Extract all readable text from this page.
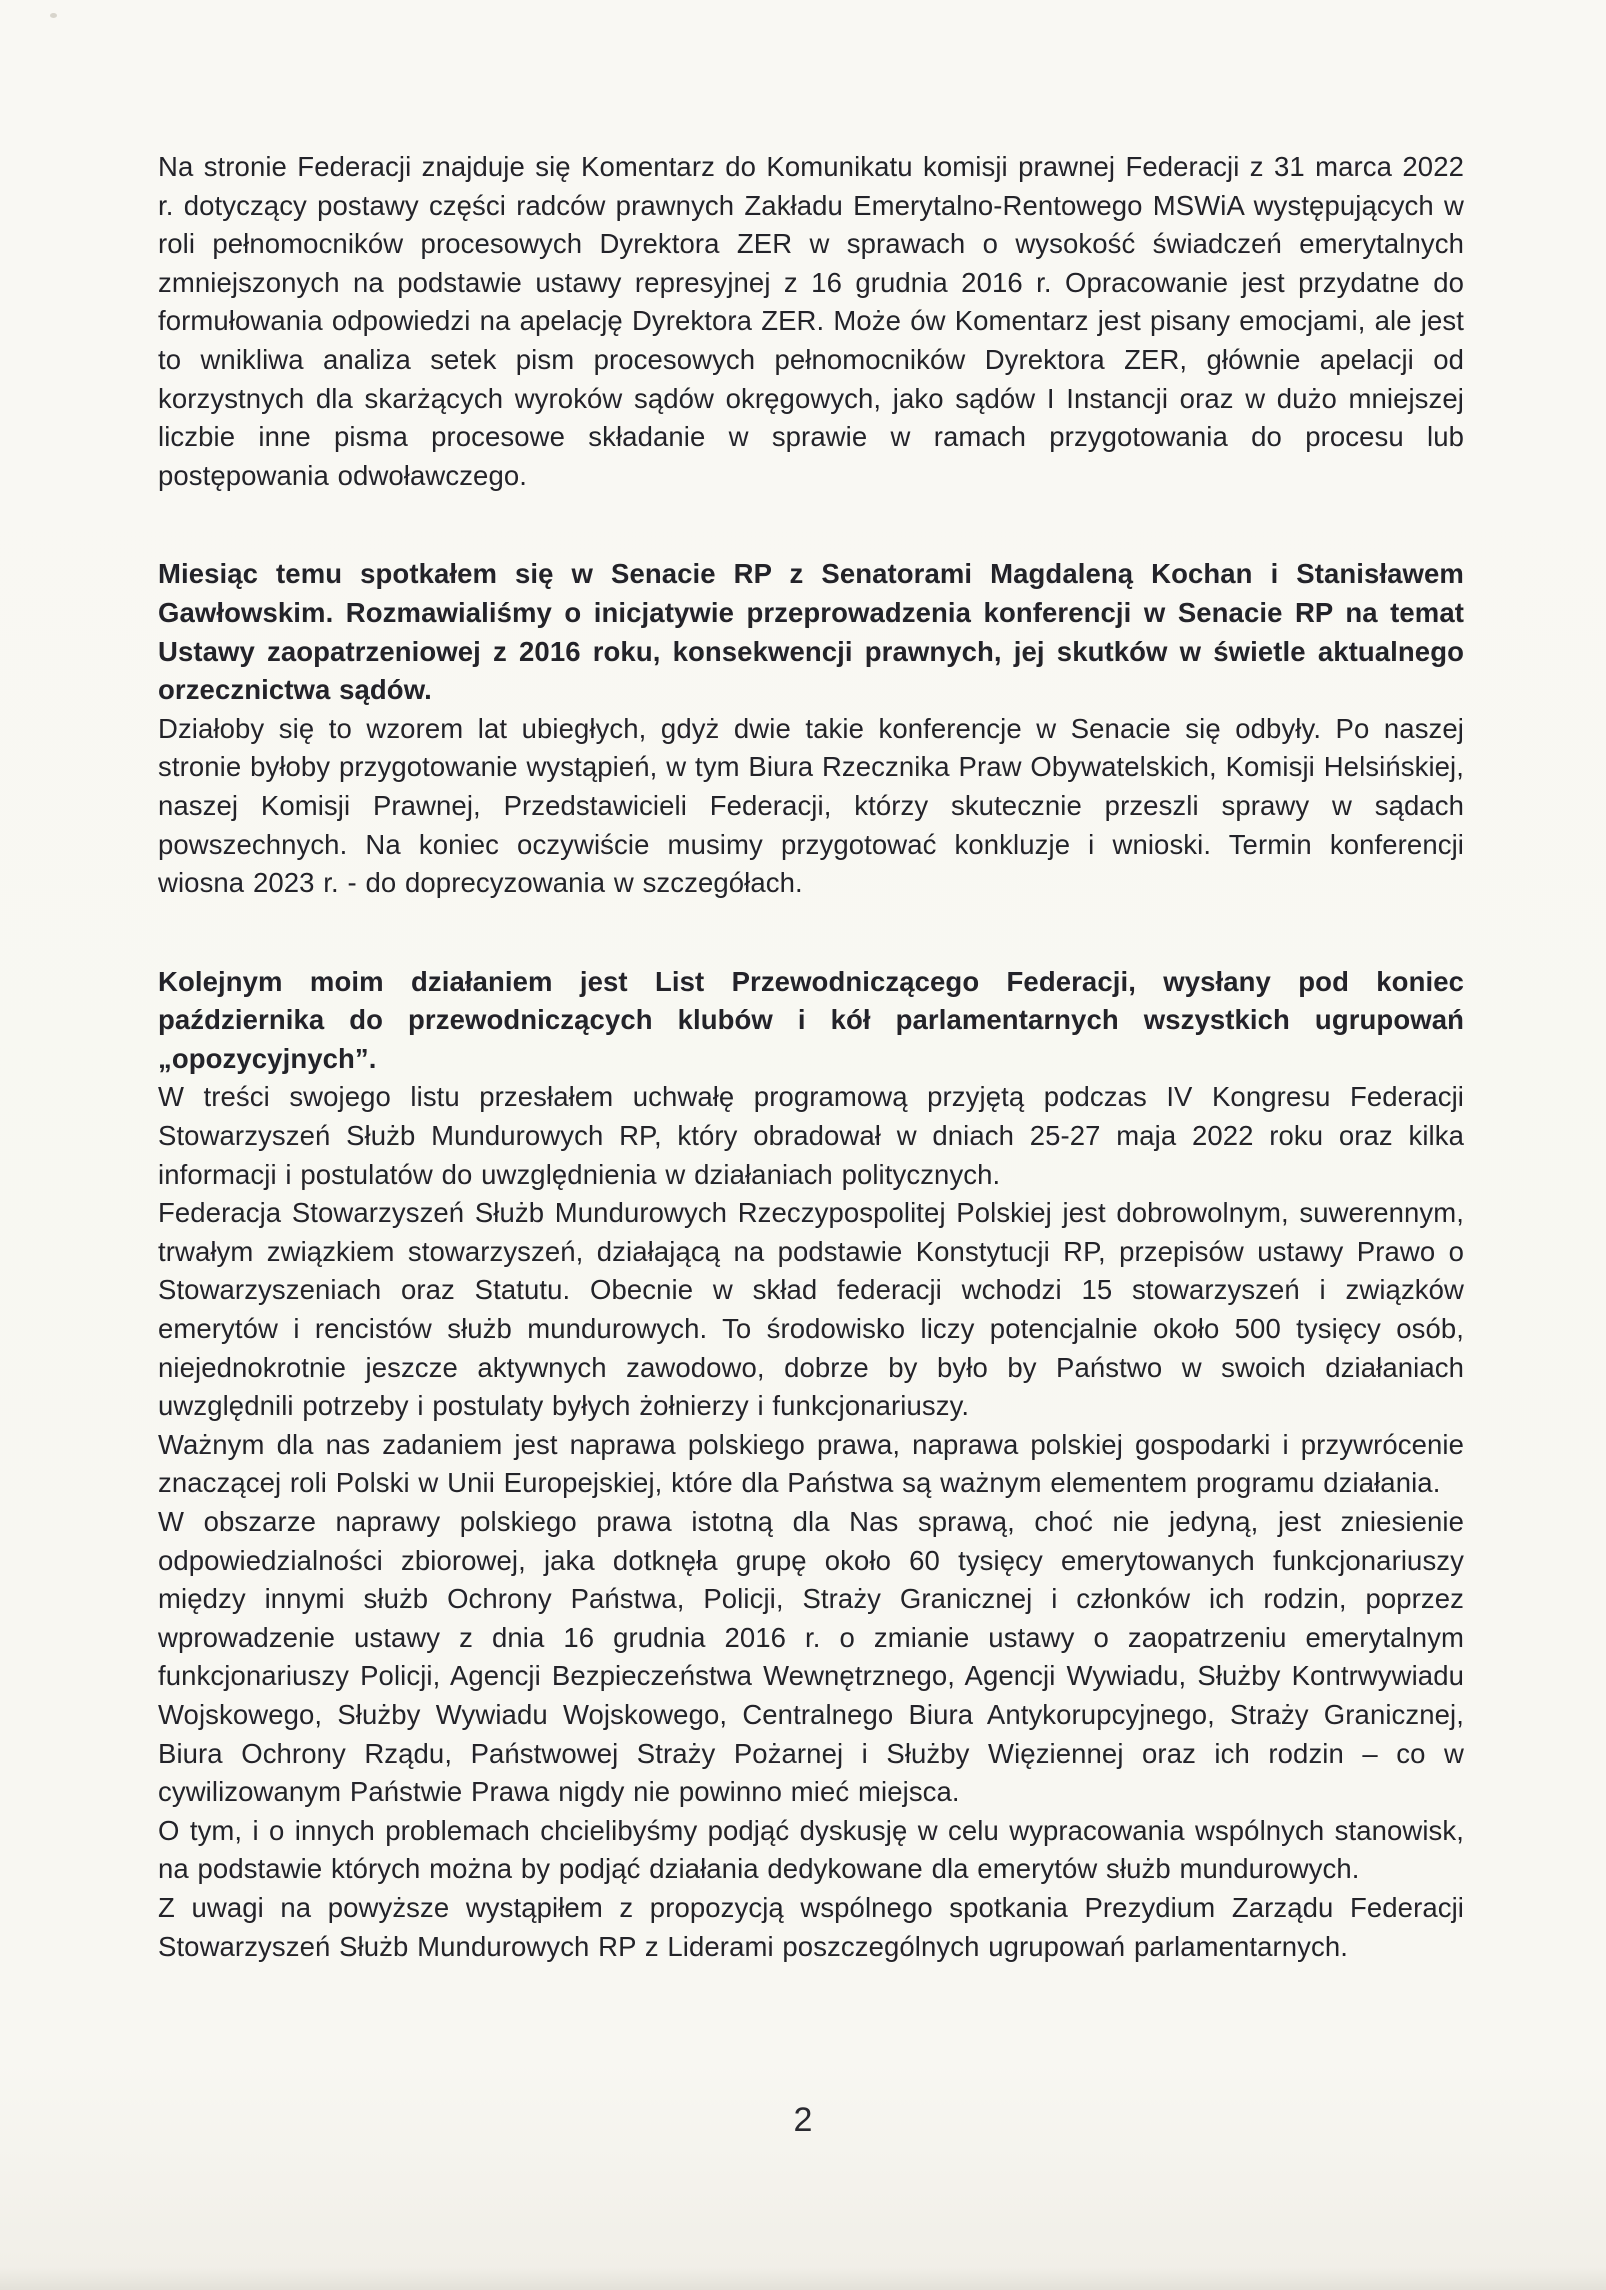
Na stronie Federacji znajduje się Komentarz do Komunikatu komisji prawnej Federacji z 31 marca 2022 r. dotyczący postawy części radców prawnych Zakładu Emerytalno-Rentowego MSWiA występujących w roli pełnomocników procesowych Dyrektora ZER w sprawach o wysokość świadczeń emerytalnych zmniejszonych na podstawie ustawy represyjnej z 16 grudnia 2016 r. Opracowanie jest przydatne do formułowania odpowiedzi na apelację Dyrektora ZER. Może ów Komentarz jest pisany emocjami, ale jest to wnikliwa analiza setek pism procesowych pełnomocników Dyrektora ZER, głównie apelacji od korzystnych dla skarżących wyroków sądów okręgowych, jako sądów I Instancji oraz w dużo mniejszej liczbie inne pisma procesowe składanie w sprawie w ramach przygotowania do procesu lub postępowania odwoławczego.

Miesiąc temu spotkałem się w Senacie RP z Senatorami Magdaleną Kochan i Stanisławem Gawłowskim. Rozmawialiśmy o inicjatywie przeprowadzenia konferencji w Senacie RP na temat Ustawy zaopatrzeniowej z 2016 roku, konsekwencji prawnych, jej skutków w świetle aktualnego orzecznictwa sądów.

Działoby się to wzorem lat ubiegłych, gdyż dwie takie konferencje w Senacie się odbyły. Po naszej stronie byłoby przygotowanie wystąpień, w tym Biura Rzecznika Praw Obywatelskich, Komisji Helsińskiej, naszej Komisji Prawnej, Przedstawicieli Federacji, którzy skutecznie przeszli sprawy w sądach powszechnych. Na koniec oczywiście musimy przygotować konkluzje i wnioski. Termin konferencji wiosna 2023 r. - do doprecyzowania w szczegółach.

Kolejnym moim działaniem jest List Przewodniczącego Federacji, wysłany pod koniec października do przewodniczących klubów i kół parlamentarnych wszystkich ugrupowań „opozycyjnych”.

W treści swojego listu przesłałem uchwałę programową przyjętą podczas IV Kongresu Federacji Stowarzyszeń Służb Mundurowych RP, który obradował w dniach 25-27 maja 2022 roku oraz kilka informacji i postulatów do uwzględnienia w działaniach politycznych.

Federacja Stowarzyszeń Służb Mundurowych Rzeczypospolitej Polskiej jest dobrowolnym, suwerennym, trwałym związkiem stowarzyszeń, działającą na podstawie Konstytucji RP, przepisów ustawy Prawo o Stowarzyszeniach oraz Statutu. Obecnie w skład federacji wchodzi 15 stowarzyszeń i związków emerytów i rencistów służb mundurowych. To środowisko liczy potencjalnie około 500 tysięcy osób, niejednokrotnie jeszcze aktywnych zawodowo, dobrze by było by Państwo w swoich działaniach uwzględnili potrzeby i postulaty byłych żołnierzy i funkcjonariuszy.

Ważnym dla nas zadaniem jest naprawa polskiego prawa, naprawa polskiej gospodarki i przywrócenie znaczącej roli Polski w Unii Europejskiej, które dla Państwa są ważnym elementem programu działania.

W obszarze naprawy polskiego prawa istotną dla Nas sprawą, choć nie jedyną, jest zniesienie odpowiedzialności zbiorowej, jaka dotknęła grupę około 60 tysięcy emerytowanych funkcjonariuszy między innymi służb Ochrony Państwa, Policji, Straży Granicznej i członków ich rodzin, poprzez wprowadzenie ustawy z dnia 16 grudnia 2016 r. o zmianie ustawy o zaopatrzeniu emerytalnym funkcjonariuszy Policji, Agencji Bezpieczeństwa Wewnętrznego, Agencji Wywiadu, Służby Kontrwywiadu Wojskowego, Służby Wywiadu Wojskowego, Centralnego Biura Antykorupcyjnego, Straży Granicznej, Biura Ochrony Rządu, Państwowej Straży Pożarnej i Służby Więziennej oraz ich rodzin – co w cywilizowanym Państwie Prawa nigdy nie powinno mieć miejsca.

O tym, i o innych problemach chcielibyśmy podjąć dyskusję w celu wypracowania wspólnych stanowisk, na podstawie których można by podjąć działania dedykowane dla emerytów służb mundurowych.

Z uwagi na powyższe wystąpiłem z propozycją wspólnego spotkania Prezydium Zarządu Federacji Stowarzyszeń Służb Mundurowych RP z Liderami poszczególnych ugrupowań parlamentarnych.

2
